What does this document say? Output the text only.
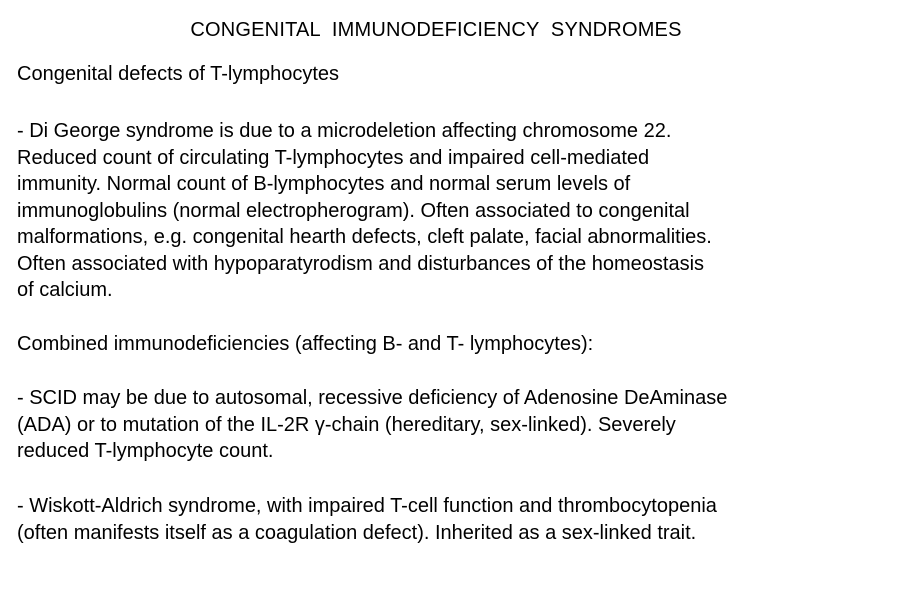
CONGENITAL IMMUNODEFICIENCY SYNDROMES
Congenital defects of T-lymphocytes
- Di George syndrome is due to a microdeletion affecting chromosome 22.
Reduced count of circulating T-lymphocytes and impaired cell-mediated
immunity. Normal count of B-lymphocytes and normal serum levels of
immunoglobulins (normal electropherogram). Often associated to congenital
malformations, e.g. congenital hearth defects, cleft palate, facial abnormalities.
Often associated with hypoparatyrodism and disturbances of the homeostasis
of calcium.
Combined immunodeficiencies (affecting B- and T- lymphocytes):
- SCID may be due to autosomal, recessive deficiency of Adenosine DeAminase
(ADA) or to mutation of the IL-2R γ-chain (hereditary, sex-linked). Severely
reduced T-lymphocyte count.
- Wiskott-Aldrich syndrome, with impaired T-cell function and thrombocytopenia
(often manifests itself as a coagulation defect). Inherited as a sex-linked trait.
